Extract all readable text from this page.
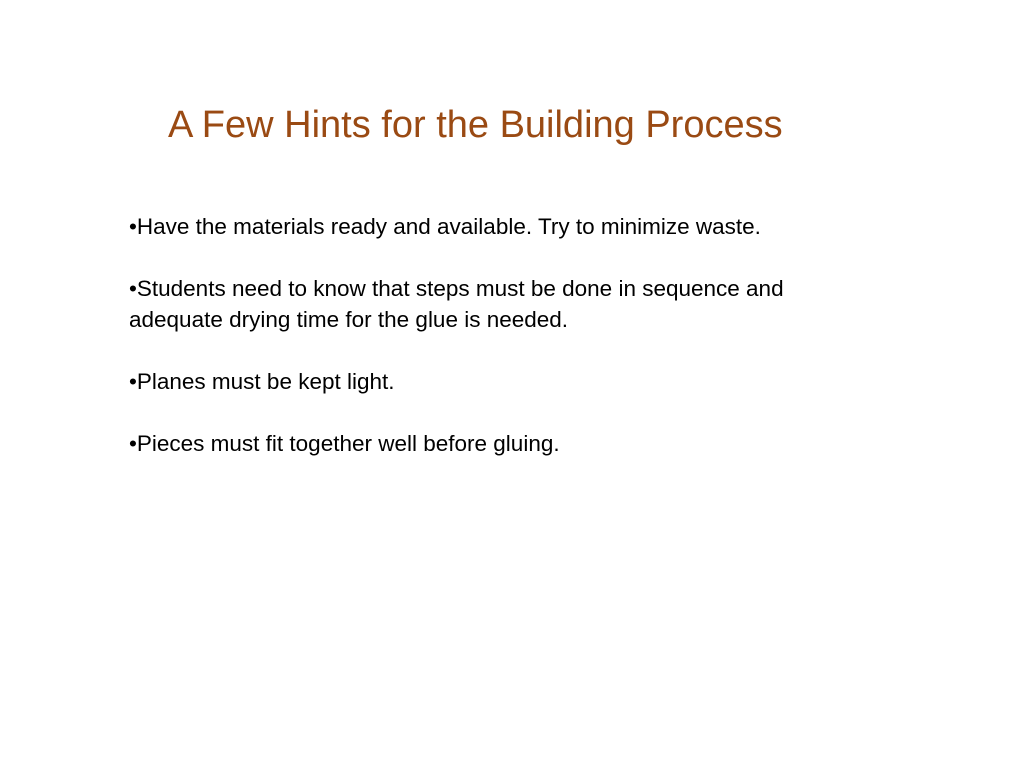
A Few Hints for the Building Process
•Have the materials ready and available. Try to minimize waste.
•Students need to know that steps must be done in sequence and adequate drying time for the glue is needed.
•Planes must be kept light.
•Pieces must fit together well before gluing.
